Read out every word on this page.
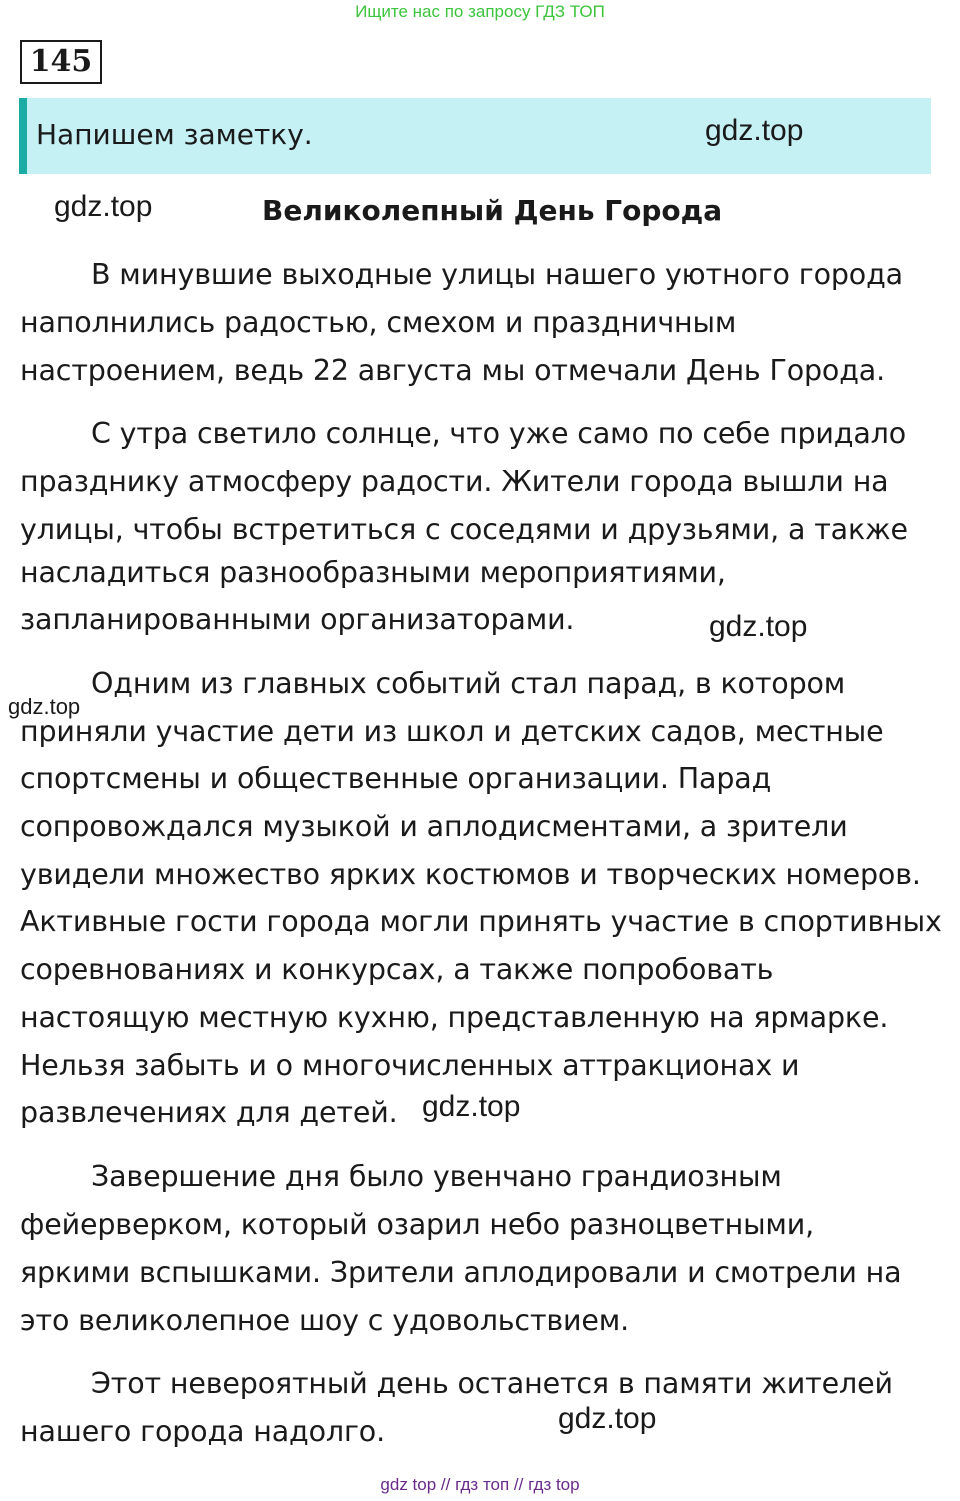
Ищите нас по запросу ГДЗ ТОП
145
Напишем заметку.	gdz.top
gdz.top	Великолепный День Города
В минувшие выходные улицы нашего уютного города
наполнились радостью, смехом и праздничным
настроением, ведь 22 августа мы отмечали День Города.
С утра светило солнце, что уже само по себе придало
празднику атмосферу радости. Жители города вышли на
улицы, чтобы встретиться с соседями и друзьями, а также
насладиться разнообразными мероприятиями,
запланированными организаторами.	gdz.top
gdz.top
Одним из главных событий стал парад, в котором
приняли участие дети из школ и детских садов, местные
спортсмены и общественные организации. Парад
сопровождался музыкой и аплодисментами, а зрители
увидели множество ярких костюмов и творческих номеров.
Активные гости города могли принять участие в спортивных
соревнованиях и конкурсах, а также попробовать
настоящую местную кухню, представленную на ярмарке.
Нельзя забыть и о многочисленных аттракционах и
развлечениях для детей. gdz.top
Завершение дня было увенчано грандиозным
фейерверком, который озарил небо разноцветными,
яркими вспышками. Зрители аплодировали и смотрели на
это великолепное шоу с удовольствием.
Этот невероятный день останется в памяти жителей
нашего города надолго.	gdz.top
gdz top // гдз топ // гдз top
